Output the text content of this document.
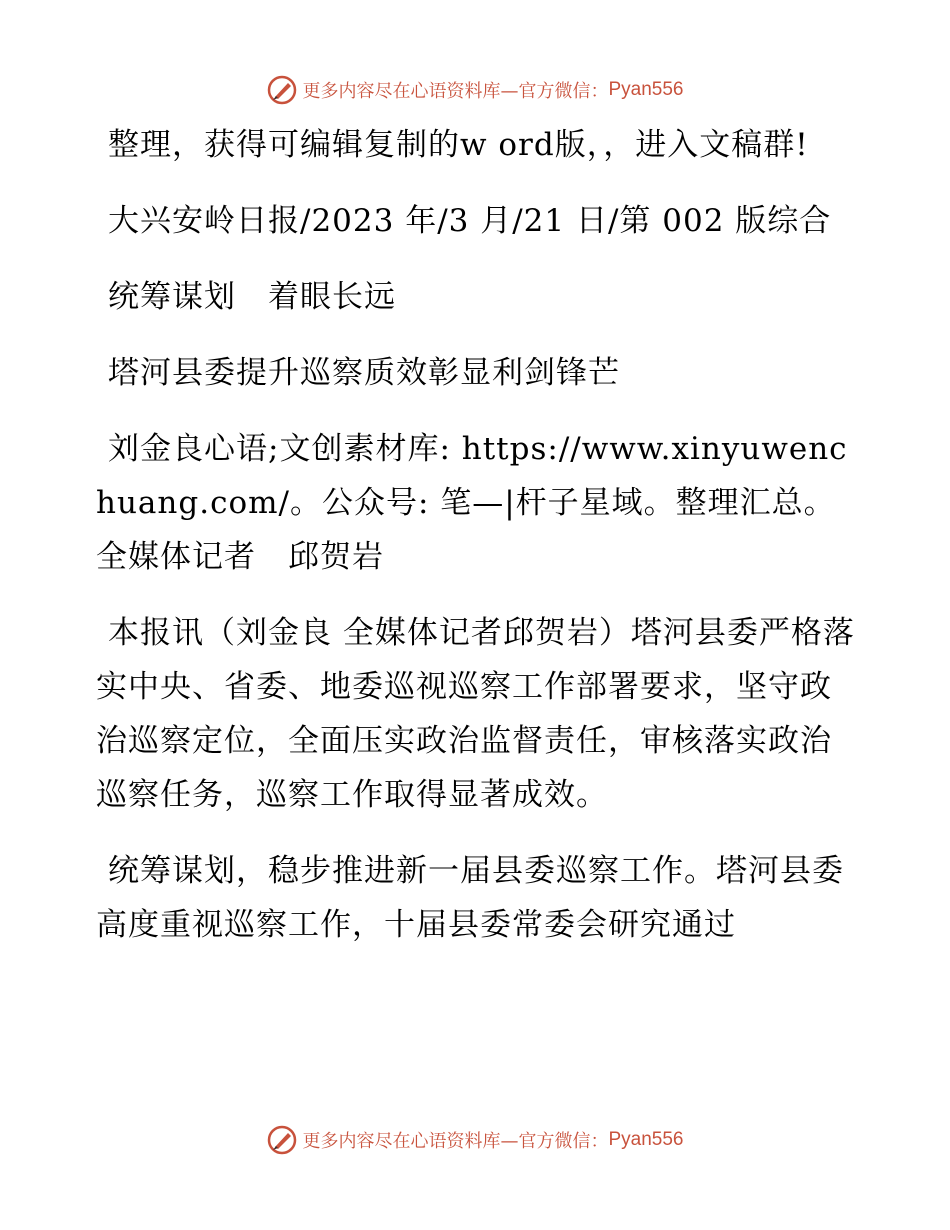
更多内容尽在心语资料库—官方微信： Pyan556

整理，获得可编辑复制的w ord版，，进入文稿群!

大兴安岭日报/2023 年/3 月/21 日/第 002 版综合

统筹谋划　着眼长远

塔河县委提升巡察质效彰显利剑锋芒

刘金良心语;文创素材库: https://www.xinyuwenchuang.com/。公众号: 笔—|杆子星域。整理汇总。　全媒体记者　邱贺岩

本报讯（刘金良 全媒体记者邱贺岩）塔河县委严格落实中央、省委、地委巡视巡察工作部署要求，坚守政治巡察定位，全面压实政治监督责任，审核落实政治巡察任务，巡察工作取得显著成效。

统筹谋划，稳步推进新一届县委巡察工作。塔河县委高度重视巡察工作，十届县委常委会研究通过

更多内容尽在心语资料库—官方微信： Pyan556
